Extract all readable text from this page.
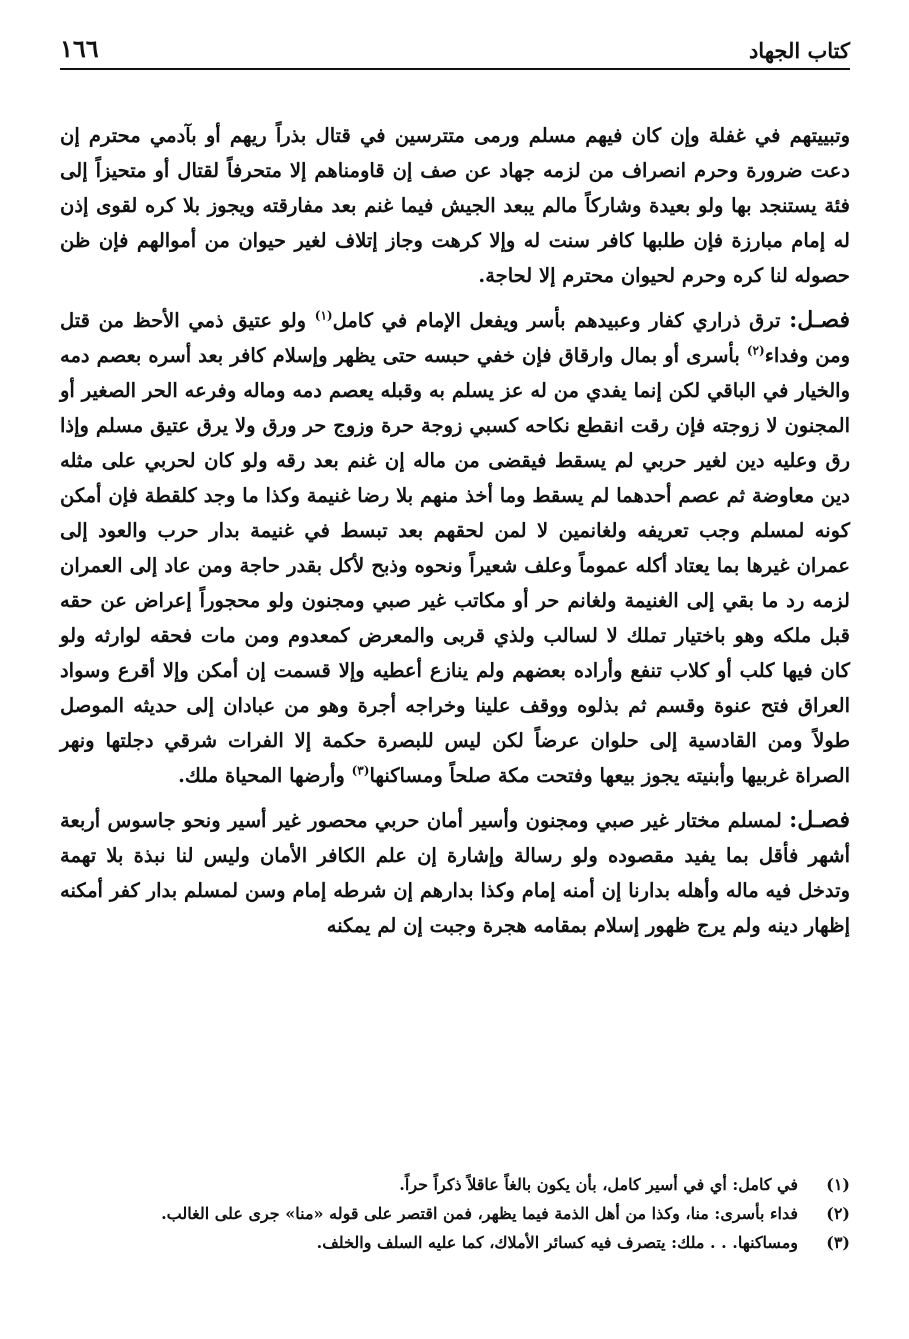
كتاب الجهاد
١٦٦

وتبييتهم في غفلة وإن كان فيهم مسلم ورمى متترسين في قتال بذراً ريهم أو بآدمي محترم إن دعت ضرورة وحرم انصراف من لزمه جهاد عن صف إن قاومناهم إلا متحرفاً لقتال أو متحيزاً إلى فئة يستنجد بها ولو بعيدة وشاركاً مالم يبعد الجيش فيما غنم بعد مفارقته ويجوز بلا كره لقوى إذن له إمام مبارزة فإن طلبها كافر سنت له وإلا كرهت وجاز إتلاف لغير حيوان من أموالهم فإن ظن حصوله لنا كره وحرم لحيوان محترم إلا لحاجة.

فصـل: ترق ذراري كفار وعبيدهم بأسر ويفعل الإمام في كامل$^{(١)}$ ولو عتيق ذمي الأحظ من قتل ومن وفداء$^{(٢)}$ بأسرى أو بمال وارقاق فإن خفي حبسه حتى يظهر وإسلام كافر بعد أسره بعصم دمه والخيار في الباقي لكن إنما يفدي من له عز يسلم به وقبله يعصم دمه وماله وفرعه الحر الصغير أو المجنون لا زوجته فإن رقت انقطع نكاحه كسبي زوجة حرة وزوج حر ورق ولا يرق عتيق مسلم وإذا رق وعليه دين لغير حربي لم يسقط فيقضى من ماله إن غنم بعد رقه ولو كان لحربي على مثله دين معاوضة ثم عصم أحدهما لم يسقط وما أخذ منهم بلا رضا غنيمة وكذا ما وجد كلقطة فإن أمكن كونه لمسلم وجب تعريفه ولغانمين لا لمن لحقهم بعد تبسط في غنيمة بدار حرب والعود إلى عمران غيرها بما يعتاد أكله عموماً وعلف شعيراً ونحوه وذبح لأكل بقدر حاجة ومن عاد إلى العمران لزمه رد ما بقي إلى الغنيمة ولغانم حر أو مكاتب غير صبي ومجنون ولو محجوراً إعراض عن حقه قبل ملكه وهو باختيار تملك لا لسالب ولذي قربى والمعرض كمعدوم ومن مات فحقه لوارثه ولو كان فيها كلب أو كلاب تنفع وأراده بعضهم ولم ينازع أعطيه وإلا قسمت إن أمكن وإلا أقرع وسواد العراق فتح عنوة وقسم ثم بذلوه ووقف علينا وخراجه أجرة وهو من عبادان إلى حديثه الموصل طولاً ومن القادسية إلى حلوان عرضاً لكن ليس للبصرة حكمة إلا الفرات شرقي دجلتها ونهر الصراة غربيها وأبنيته يجوز بيعها وفتحت مكة صلحاً ومساكنها$^{(٣)}$ وأرضها المحياة ملك.

فصـل: لمسلم مختار غير صبي ومجنون وأسير أمان حربي محصور غير أسير ونحو جاسوس أربعة أشهر فأقل بما يفيد مقصوده ولو رسالة وإشارة إن علم الكافر الأمان وليس لنا نبذة بلا تهمة وتدخل فيه ماله وأهله بدارنا إن أمنه إمام وكذا بدارهم إن شرطه إمام وسن لمسلم بدار كفر أمكنه إظهار دينه ولم يرج ظهور إسلام بمقامه هجرة وجبت إن لم يمكنه

(١)
في كامل: أي في أسير كامل، بأن يكون بالغاً عاقلاً ذكراً حراً.
(٢)
فداء بأسرى: منا، وكذا من أهل الذمة فيما يظهر، فمن اقتصر على قوله «منا» جرى على الغالب.
(٣)
ومساكنها. . . ملك: يتصرف فيه كسائر الأملاك، كما عليه السلف والخلف.
